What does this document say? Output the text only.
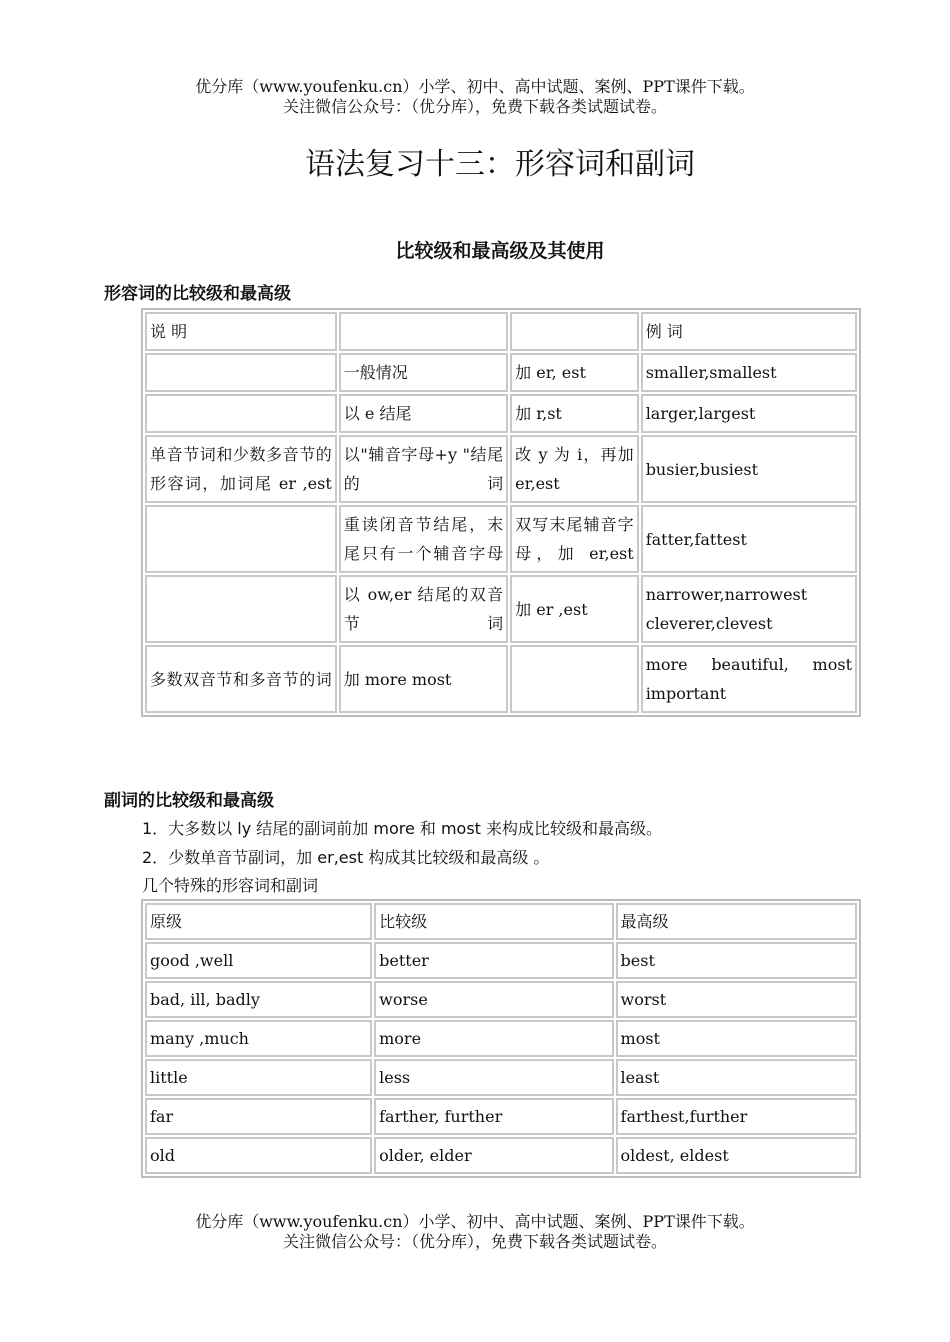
优分库（www.youfenku.cn）小学、初中、高中试题、案例、PPT课件下载。
关注微信公众号：（优分库），免费下载各类试题试卷。
语法复习十三：形容词和副词
比较级和最高级及其使用
形容词的比较级和最高级
说 明			例 词
	一般情况	加 er, est	smaller,smallest
	以 e 结尾	加 r,st	larger,largest
单音节词和少数多音节的形容词，加词尾 er ,est	以"辅音字母+y "结尾的词	改 y 为 i，再加 er,est	busier,busiest
	重读闭音节结尾，末尾只有一个辅音字母	双写末尾辅音字母，加 er,est	fatter,fattest
	以 ow,er 结尾的双音节词	加 er ,est	narrower,narrowest cleverer,clevest
多数双音节和多音节的词	加 more most		more beautiful, most important
副词的比较级和最高级
1．大多数以 ly 结尾的副词前加 more 和 most 来构成比较级和最高级。
2．少数单音节副词，加 er,est 构成其比较级和最高级 。
几个特殊的形容词和副词
原级	比较级	最高级
good ,well	better	best
bad, ill, badly	worse	worst
many ,much	more	most
little	less	least
far	farther, further	farthest,further
old	older, elder	oldest, eldest
优分库（www.youfenku.cn）小学、初中、高中试题、案例、PPT课件下载。
关注微信公众号：（优分库），免费下载各类试题试卷。
